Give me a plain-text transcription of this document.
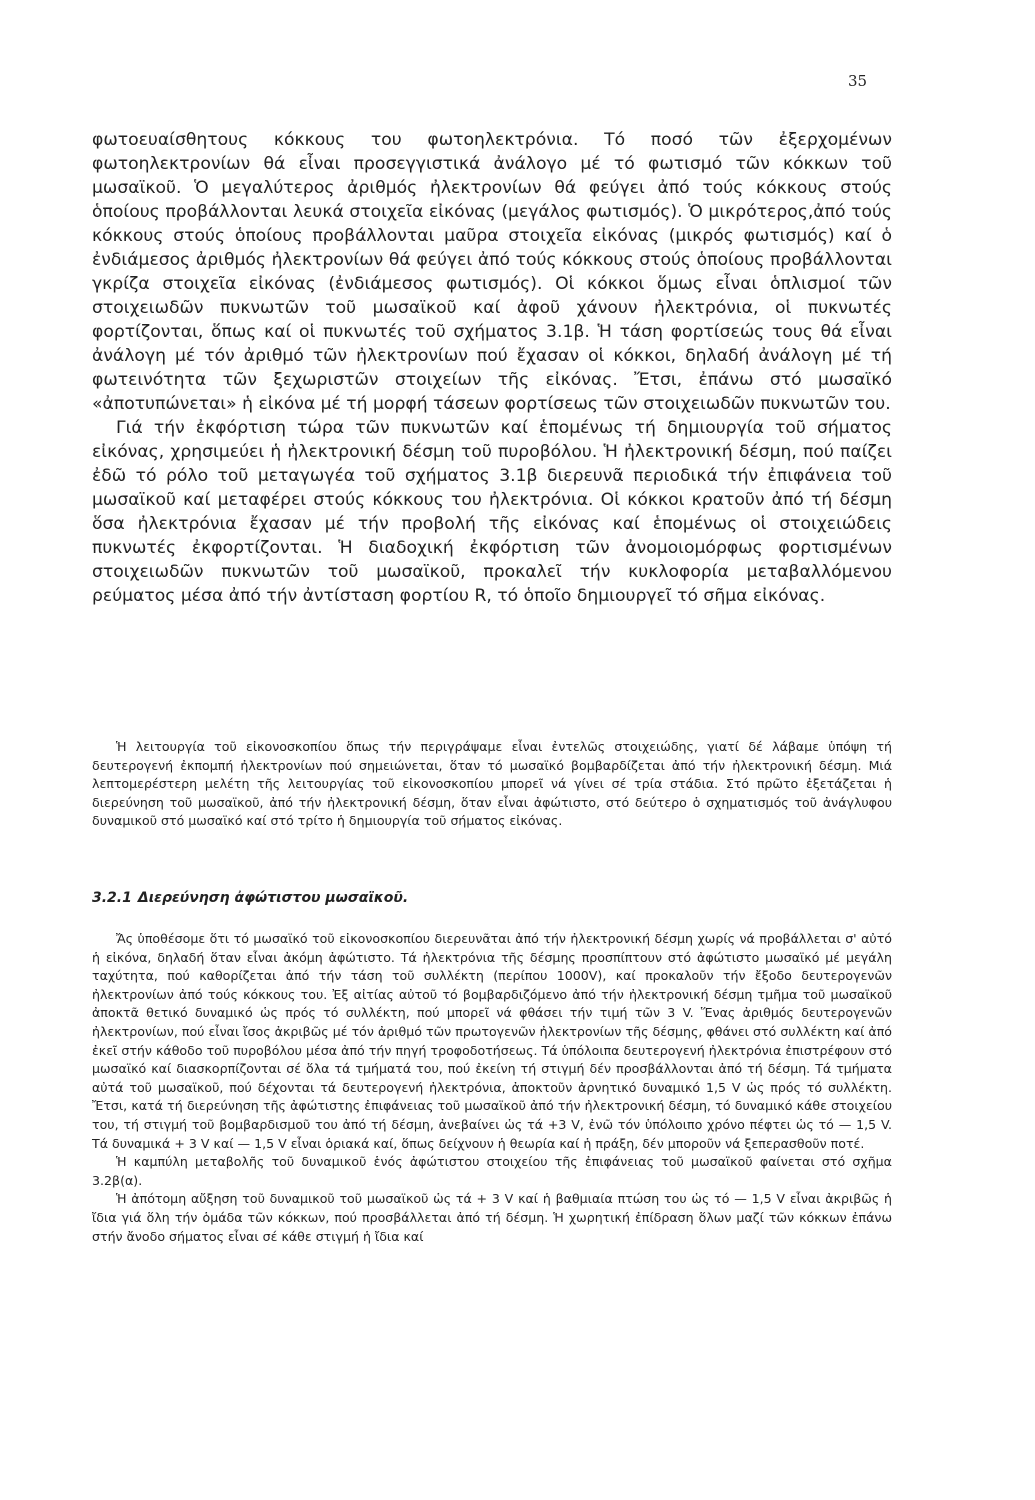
35

φωτοευαίσθητους κόκκους του φωτοηλεκτρόνια. Τό ποσό τῶν ἐξερχομένων φωτοηλεκτρονίων θά εἶναι προσεγγιστικά ἀνάλογο μέ τό φωτισμό τῶν κόκκων τοῦ μωσαϊκοῦ. Ὁ μεγαλύτερος ἀριθμός ἠλεκτρονίων θά φεύγει ἀπό τούς κόκκους στούς ὁποίους προβάλλονται λευκά στοιχεῖα εἰκόνας (μεγάλος φωτισμός). Ὁ μικρότερος,ἀπό τούς κόκκους στούς ὁποίους προβάλλονται μαῦρα στοιχεῖα εἰκόνας (μικρός φωτισμός) καί ὁ ἐνδιάμεσος ἀριθμός ἠλεκτρονίων θά φεύγει ἀπό τούς κόκκους στούς ὁποίους προβάλλονται γκρίζα στοιχεῖα εἰκόνας (ἐνδιάμεσος φωτισμός). Οἱ κόκκοι ὅμως εἶναι ὁπλισμοί τῶν στοιχειωδῶν πυκνωτῶν τοῦ μωσαϊκοῦ καί ἀφοῦ χάνουν ἠλεκτρόνια, οἱ πυκνωτές φορτίζονται, ὅπως καί οἱ πυκνωτές τοῦ σχήματος 3.1β. Ἡ τάση φορτίσεώς τους θά εἶναι ἀνάλογη μέ τόν ἀριθμό τῶν ἠλεκτρονίων πού ἔχασαν οἱ κόκκοι, δηλαδή ἀνάλογη μέ τή φωτεινότητα τῶν ξεχωριστῶν στοιχείων τῆς εἰκόνας. Ἔτσι, ἐπάνω στό μωσαϊκό «ἀποτυπώνεται» ἡ εἰκόνα μέ τή μορφή τάσεων φορτίσεως τῶν στοιχειωδῶν πυκνωτῶν του.

Γιά τήν ἐκφόρτιση τώρα τῶν πυκνωτῶν καί ἑπομένως τή δημιουργία τοῦ σήματος εἰκόνας, χρησιμεύει ἡ ἠλεκτρονική δέσμη τοῦ πυροβόλου. Ἡ ἠλεκτρονική δέσμη, πού παίζει ἐδῶ τό ρόλο τοῦ μεταγωγέα τοῦ σχήματος 3.1β διερευνᾶ περιοδικά τήν ἐπιφάνεια τοῦ μωσαϊκοῦ καί μεταφέρει στούς κόκκους του ἠλεκτρόνια. Οἱ κόκκοι κρατοῦν ἀπό τή δέσμη ὅσα ἠλεκτρόνια ἔχασαν μέ τήν προβολή τῆς εἰκόνας καί ἑπομένως οἱ στοιχειώδεις πυκνωτές ἐκφορτίζονται. Ἡ διαδοχική ἐκφόρτιση τῶν ἀνομοιομόρφως φορτισμένων στοιχειωδῶν πυκνωτῶν τοῦ μωσαϊκοῦ, προκαλεῖ τήν κυκλοφορία μεταβαλλόμενου ρεύματος μέσα ἀπό τήν ἀντίσταση φορτίου R, τό ὁποῖο δημιουργεῖ τό σῆμα εἰκόνας.

Ἡ λειτουργία τοῦ εἰκονοσκοπίου ὅπως τήν περιγράψαμε εἶναι ἐντελῶς στοιχειώδης, γιατί δέ λάβαμε ὑπόψη τή δευτερογενή ἐκπομπή ἠλεκτρονίων πού σημειώνεται, ὅταν τό μωσαϊκό βομβαρδίζεται ἀπό τήν ἠλεκτρονική δέσμη. Μιά λεπτομερέστερη μελέτη τῆς λειτουργίας τοῦ εἰκονοσκοπίου μπορεῖ νά γίνει σέ τρία στάδια. Στό πρῶτο ἐξετάζεται ἡ διερεύνηση τοῦ μωσαϊκοῦ, ἀπό τήν ἠλεκτρονική δέσμη, ὅταν εἶναι ἀφώτιστο, στό δεύτερο ὁ σχηματισμός τοῦ ἀνάγλυφου δυναμικοῦ στό μωσαϊκό καί στό τρίτο ἡ δημιουργία τοῦ σήματος εἰκόνας.

3.2.1 Διερεύνηση ἀφώτιστου μωσαϊκοῦ.

Ἄς ὑποθέσομε ὅτι τό μωσαϊκό τοῦ εἰκονοσκοπίου διερευνᾶται ἀπό τήν ἠλεκτρονική δέσμη χωρίς νά προβάλλεται σ' αὐτό ἡ εἰκόνα, δηλαδή ὅταν εἶναι ἀκόμη ἀφώτιστο. Τά ἠλεκτρόνια τῆς δέσμης προσπίπτουν στό ἀφώτιστο μωσαϊκό μέ μεγάλη ταχύτητα, πού καθορίζεται ἀπό τήν τάση τοῦ συλλέκτη (περίπου 1000V), καί προκαλοῦν τήν ἔξοδο δευτερογενῶν ἠλεκτρονίων ἀπό τούς κόκκους του. Ἐξ αἰτίας αὐτοῦ τό βομβαρδιζόμενο ἀπό τήν ἠλεκτρονική δέσμη τμῆμα τοῦ μωσαϊκοῦ ἀποκτᾶ θετικό δυναμικό ὡς πρός τό συλλέκτη, πού μπορεῖ νά φθάσει τήν τιμή τῶν 3 V. Ἕνας ἀριθμός δευτερογενῶν ἠλεκτρονίων, πού εἶναι ἴσος ἀκριβῶς μέ τόν ἀριθμό τῶν πρωτογενῶν ἠλεκτρονίων τῆς δέσμης, φθάνει στό συλλέκτη καί ἀπό ἐκεῖ στήν κάθοδο τοῦ πυροβόλου μέσα ἀπό τήν πηγή τροφοδοτήσεως. Τά ὑπόλοιπα δευτερογενή ἠλεκτρόνια ἐπιστρέφουν στό μωσαϊκό καί διασκορπίζονται σέ ὅλα τά τμήματά του, πού ἐκείνη τή στιγμή δέν προσβάλλονται ἀπό τή δέσμη. Τά τμήματα αὐτά τοῦ μωσαϊκοῦ, πού δέχονται τά δευτερογενή ἠλεκτρόνια, ἀποκτοῦν ἀρνητικό δυναμικό 1,5 V ὡς πρός τό συλλέκτη. Ἔτσι, κατά τή διερεύνηση τῆς ἀφώτιστης ἐπιφάνειας τοῦ μωσαϊκοῦ ἀπό τήν ἠλεκτρονική δέσμη, τό δυναμικό κάθε στοιχείου του, τή στιγμή τοῦ βομβαρδισμοῦ του ἀπό τή δέσμη, ἀνεβαίνει ὡς τά +3 V, ἐνῶ τόν ὑπόλοιπο χρόνο πέφτει ὡς τό — 1,5 V. Τά δυναμικά + 3 V καί — 1,5 V εἶναι ὁριακά καί, ὅπως δείχνουν ἡ θεωρία καί ἡ πράξη, δέν μποροῦν νά ξεπερασθοῦν ποτέ.

Ἡ καμπύλη μεταβολῆς τοῦ δυναμικοῦ ἑνός ἀφώτιστου στοιχείου τῆς ἐπιφάνειας τοῦ μωσαϊκοῦ φαίνεται στό σχῆμα 3.2β(α).

Ἡ ἀπότομη αὔξηση τοῦ δυναμικοῦ τοῦ μωσαϊκοῦ ὡς τά + 3 V καί ἡ βαθμιαία πτώση του ὡς τό — 1,5 V εἶναι ἀκριβῶς ἡ ἴδια γιά ὅλη τήν ὁμάδα τῶν κόκκων, πού προσβάλλεται ἀπό τή δέσμη. Ἡ χωρητική ἐπίδραση ὅλων μαζί τῶν κόκκων ἐπάνω στήν ἄνοδο σήματος εἶναι σέ κάθε στιγμή ἡ ἴδια καί
